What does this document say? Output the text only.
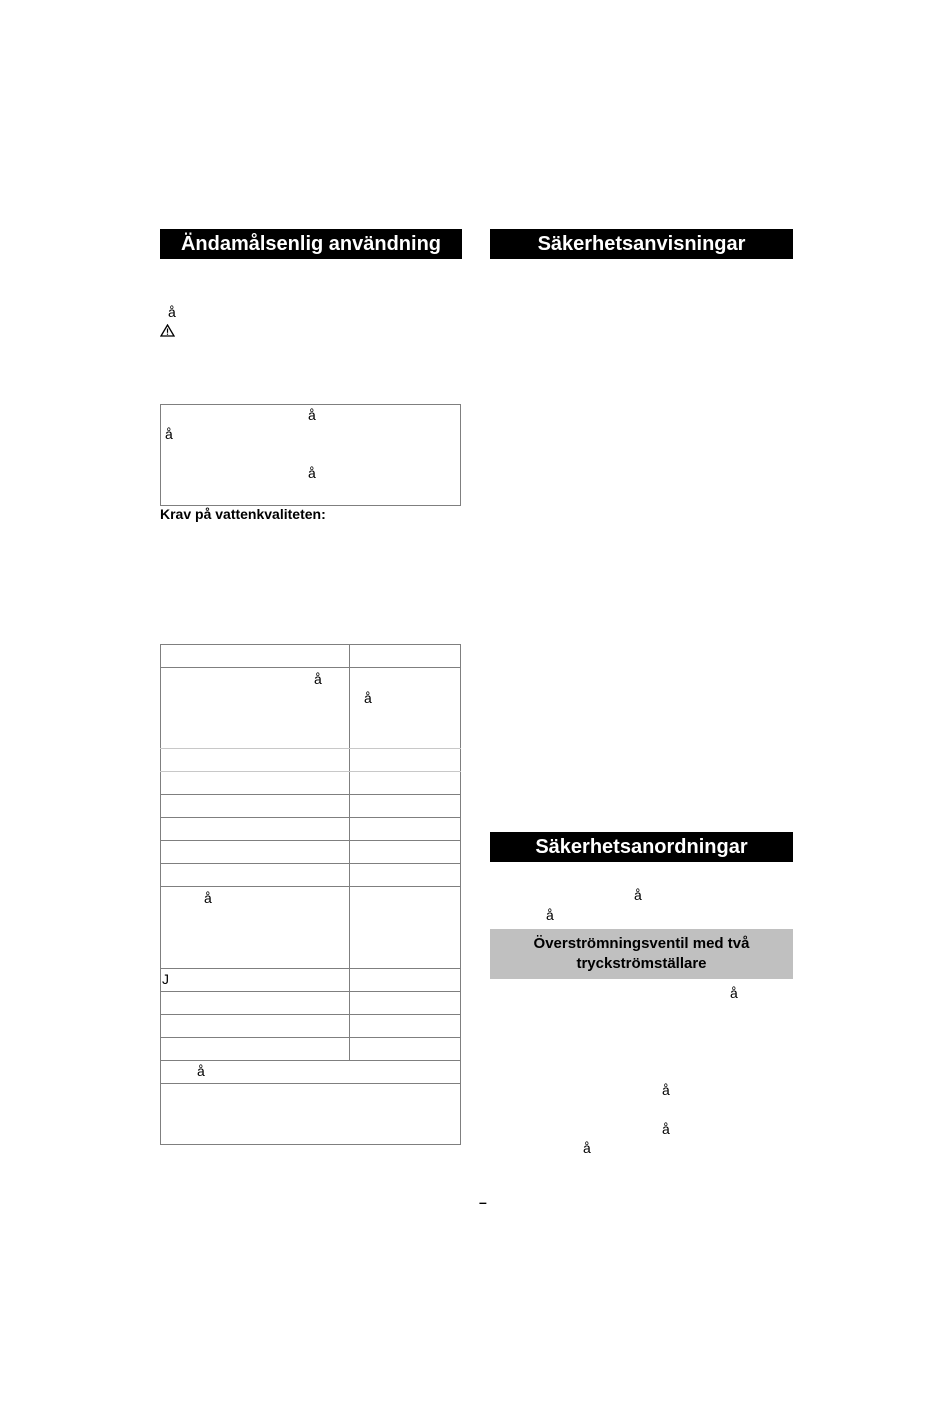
Ändamålsenlig användning
å
å
å
å
Krav på vattenkvaliteten:
å
å
å
J
å
Säkerhetsanvisningar
Säkerhetsanordningar
å
å
Överströmningsventil med två tryckströmställare
å
å
å
å
–
